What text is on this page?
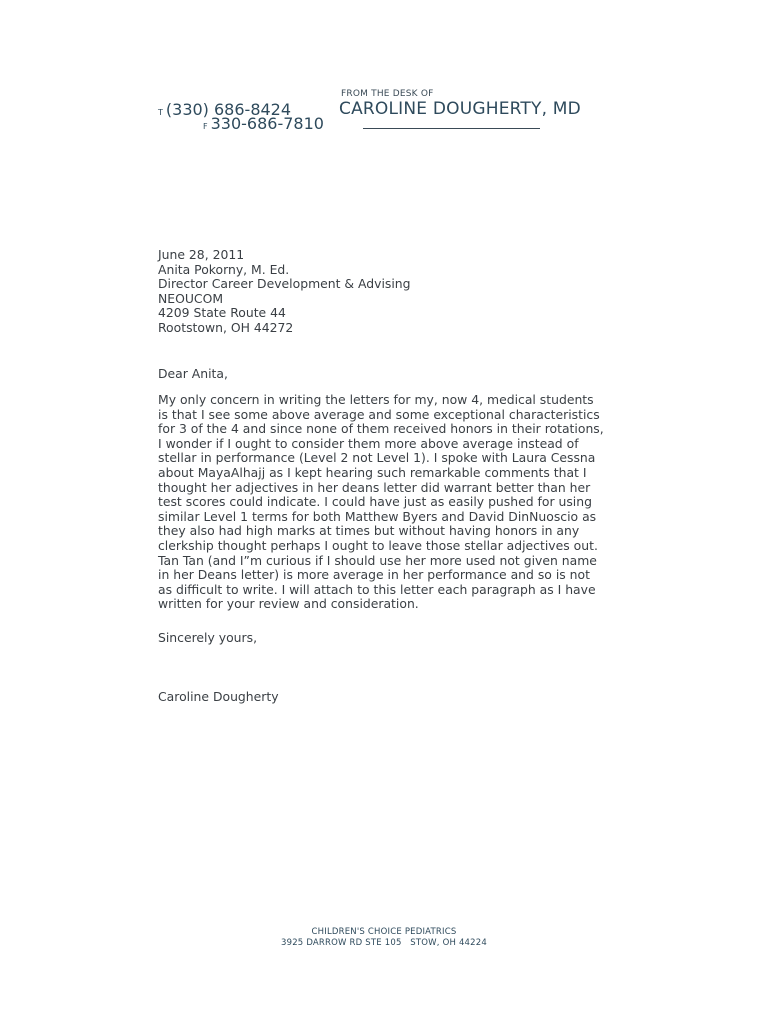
FROM THE DESK OF
T (330) 686-8424	CAROLINE DOUGHERTY, MD
F 330-686-7810
June 28, 2011
Anita Pokorny, M. Ed.
Director Career Development & Advising
NEOUCOM
4209 State Route 44
Rootstown, OH 44272
Dear Anita,
My only concern in writing the letters for my, now 4, medical students
is that I see some above average and some exceptional characteristics
for 3 of the 4 and since none of them received honors in their rotations,
I wonder if I ought to consider them more above average instead of
stellar in performance (Level 2 not Level 1). I spoke with Laura Cessna
about MayaAlhajj as I kept hearing such remarkable comments that I
thought her adjectives in her deans letter did warrant better than her
test scores could indicate. I could have just as easily pushed for using
similar Level 1 terms for both Matthew Byers and David DinNuoscio as
they also had high marks at times but without having honors in any
clerkship thought perhaps I ought to leave those stellar adjectives out.
Tan Tan (and I”m curious if I should use her more used not given name
in her Deans letter) is more average in her performance and so is not
as difficult to write. I will attach to this letter each paragraph as I have
written for your review and consideration.
Sincerely yours,
Caroline Dougherty
CHILDREN'S CHOICE PEDIATRICS
3925 DARROW RD STE 105   STOW, OH 44224
